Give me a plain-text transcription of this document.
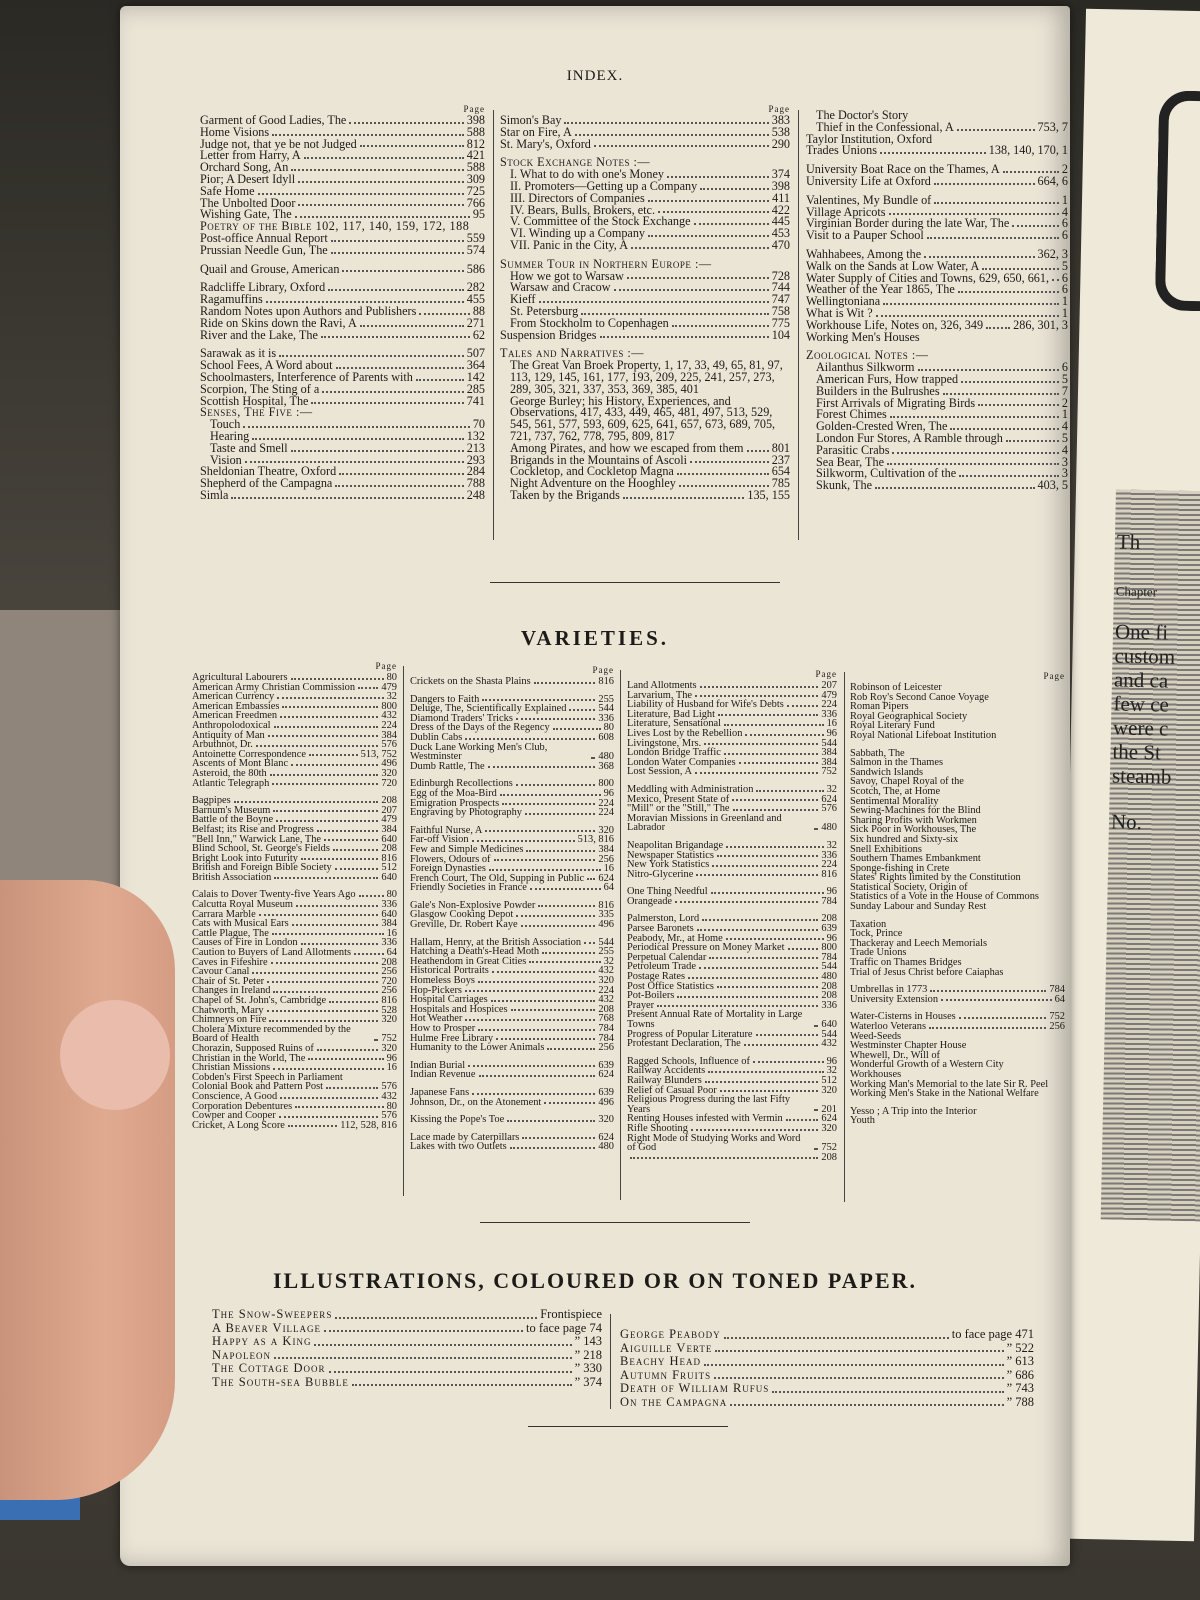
Th
Chapter
One fi
custom
and ca
few ce
were c
the St
steamb
No.
INDEX.
Page
Garment of Good Ladies, The	398
Home Visions	588
Judge not, that ye be not Judged	812
Letter from Harry, A	421
Orchard Song, An	588
Pior; A Desert Idyll	309
Safe Home	725
The Unbolted Door	766
Wishing Gate, The	95
Poetry of the Bible 102, 117, 140, 159, 172, 188
Post-office Annual Report	559
Prussian Needle Gun, The	574
Quail and Grouse, American	586
Radcliffe Library, Oxford	282
Ragamuffins	455
Random Notes upon Authors and Publishers	88
Ride on Skins down the Ravi, A	271
River and the Lake, The	62
Sarawak as it is	507
School Fees, A Word about	364
Schoolmasters, Interference of Parents with	142
Scorpion, The Sting of a	285
Scottish Hospital, The	741
Senses, The Five :—
Touch	70
Hearing	132
Taste and Smell	213
Vision	293
Sheldonian Theatre, Oxford	284
Shepherd of the Campagna	788
Simla	248
Page
Simon's Bay	383
Star on Fire, A	538
St. Mary's, Oxford	290
Stock Exchange Notes :—
I. What to do with one's Money	374
II. Promoters—Getting up a Company	398
III. Directors of Companies	411
IV. Bears, Bulls, Brokers, etc.	422
V. Committee of the Stock Exchange	445
VI. Winding up a Company	453
VII. Panic in the City, A	470
Summer Tour in Northern Europe :—
How we got to Warsaw	728
Warsaw and Cracow	744
Kieff	747
St. Petersburg	758
From Stockholm to Copenhagen	775
Suspension Bridges	104
Tales and Narratives :—
The Great Van Broek Property, 1, 17, 33, 49, 65, 81, 97, 113, 129, 145, 161, 177, 193, 209, 225, 241, 257, 273, 289, 305, 321, 337, 353, 369, 385, 401
George Burley; his History, Experiences, and Observations, 417, 433, 449, 465, 481, 497, 513, 529, 545, 561, 577, 593, 609, 625, 641, 657, 673, 689, 705, 721, 737, 762, 778, 795, 809, 817
Among Pirates, and how we escaped from them 801
Brigands in the Mountains of Ascoli	237
Cockletop, and Cockletop Magna	654
Night Adventure on the Hooghley	785
Taken by the Brigands	135, 155
The Doctor's Story
Thief in the Confessional, A	753, 7
Taylor Institution, Oxford
Trades Unions	138, 140, 170, 1
University Boat Race on the Thames, A	2
University Life at Oxford	664, 6
Valentines, My Bundle of	1
Village Apricots	4
Virginian Border during the late War, The	6
Visit to a Pauper School	6
Wahhabees, Among the	362, 3
Walk on the Sands at Low Water, A	5
Water Supply of Cities and Towns, 629, 650, 661, 6
Weather of the Year 1865, The	6
Wellingtoniana	1
What is Wit ?	1
Workhouse Life, Notes on, 326, 349 286, 301, 3
Working Men's Houses
Zoological Notes :—
Ailanthus Silkworm	6
American Furs, How trapped	5
Builders in the Bulrushes	7
First Arrivals of Migrating Birds	2
Forest Chimes	1
Golden-Crested Wren, The	4
London Fur Stores, A Ramble through	5
Parasitic Crabs	4
Sea Bear, The	3
Silkworm, Cultivation of the	3
Skunk, The	403, 5
VARIETIES.
Page
Agricultural Labourers	80
American Army Christian Commission	479
American Currency	32
American Embassies	800
American Freedmen	432
Anthropolodoxical	224
Antiquity of Man	384
Arbuthnot, Dr.	576
Antoinette Correspondence	513, 752
Ascents of Mont Blanc	496
Asteroid, the 80th	320
Atlantic Telegraph	720
Bagpipes	208
Barnum's Museum	207
Battle of the Boyne	479
Belfast; its Rise and Progress	384
"Bell Inn," Warwick Lane, The	640
Blind School, St. George's Fields	208
Bright Look into Futurity	816
British and Foreign Bible Society	512
British Association	640
Calais to Dover Twenty-five Years Ago	80
Calcutta Royal Museum	336
Carrara Marble	640
Cats with Musical Ears	384
Cattle Plague, The	16
Causes of Fire in London	336
Caution to Buyers of Land Allotments	64
Caves in Fifeshire	208
Cavour Canal	256
Chair of St. Peter	720
Changes in Ireland	256
Chapel of St. John's, Cambridge	816
Chatworth, Mary	528
Chimneys on Fire	320
Cholera Mixture recommended by the Board of Health	752
Chorazin, Supposed Ruins of	320
Christian in the World, The	96
Christian Missions	16
Cobden's First Speech in Parliament
Colonial Book and Pattern Post	576
Conscience, A Good	432
Corporation Debentures	80
Cowper and Cooper	576
Cricket, A Long Score	112, 528, 816
Page
Crickets on the Shasta Plains	816
Dangers to Faith	255
Deluge, The, Scientifically Explained	544
Diamond Traders' Tricks	336
Dress of the Days of the Regency	80
Dublin Cabs	608
Duck Lane Working Men's Club, Westminster	480
Dumb Rattle, The	368
Edinburgh Recollections	800
Egg of the Moa-Bird	96
Emigration Prospects	224
Engraving by Photography	224
Faithful Nurse, A	320
Far-off Vision	513, 816
Few and Simple Medicines	384
Flowers, Odours of	256
Foreign Dynasties	16
French Court, The Old, Supping in Public 624
Friendly Societies in France	64
Gale's Non-Explosive Powder	816
Glasgow Cooking Depot	335
Greville, Dr. Robert Kaye	496
Hallam, Henry, at the British Association 544
Hatching a Death's-Head Moth	255
Heathendom in Great Cities	32
Historical Portraits	432
Homeless Boys	320
Hop-Pickers	224
Hospital Carriages	432
Hospitals and Hospices	208
Hot Weather	768
How to Prosper	784
Hulme Free Library	784
Humanity to the Lower Animals	256
Indian Burial	639
Indian Revenue	624
Japanese Fans	639
Johnson, Dr., on the Atonement	496
Kissing the Pope's Toe	320
Lace made by Caterpillars	624
Lakes with two Outlets	480
Page
Land Allotments	207
Larvarium, The	479
Liability of Husband for Wife's Debts	224
Literature, Bad Light	336
Literature, Sensational	16
Lives Lost by the Rebellion	96
Livingstone, Mrs.	544
London Bridge Traffic	384
London Water Companies	384
Lost Session, A	752
Meddling with Administration	32
Mexico, Present State of	624
"Mill" or the "Still," The	576
Moravian Missions in Greenland and Labrador	480
Neapolitan Brigandage	32
Newspaper Statistics	336
New York Statistics	224
Nitro-Glycerine	816
One Thing Needful	96
Orangeade	784
Palmerston, Lord	208
Parsee Baronets	639
Peabody, Mr., at Home	96
Periodical Pressure on Money Market	800
Perpetual Calendar	784
Petroleum Trade	544
Postage Rates	480
Post Office Statistics	208
Pot-Boilers	208
Prayer	336
Present Annual Rate of Mortality in Large Towns	640
Progress of Popular Literature	544
Protestant Declaration, The	432
Ragged Schools, Influence of	96
Railway Accidents	32
Railway Blunders	512
Relief of Casual Poor	320
Religious Progress during the last Fifty Years	201
Renting Houses infested with Vermin	624
Rifle Shooting	320
Right Mode of Studying Works and Word of God	752
208
Page
Robinson of Leicester
Rob Roy's Second Canoe Voyage
Roman Pipers
Royal Geographical Society
Royal Literary Fund
Royal National Lifeboat Institution
Sabbath, The
Salmon in the Thames
Sandwich Islands
Savoy, Chapel Royal of the
Scotch, The, at Home
Sentimental Morality
Sewing-Machines for the Blind
Sharing Profits with Workmen
Sick Poor in Workhouses, The
Six hundred and Sixty-six
Snell Exhibitions
Southern Thames Embankment
Sponge-fishing in Crete
States' Rights limited by the Constitution
Statistical Society, Origin of
Statistics of a Vote in the House of Commons
Sunday Labour and Sunday Rest
Taxation
Tock, Prince
Thackeray and Leech Memorials
Trade Unions
Traffic on Thames Bridges
Trial of Jesus Christ before Caiaphas
Umbrellas in 1773	784
University Extension	64
Water-Cisterns in Houses	752
Waterloo Veterans	256
Weed-Seeds
Westminster Chapter House
Whewell, Dr., Will of
Wonderful Growth of a Western City
Workhouses
Working Man's Memorial to the late Sir R. Peel
Working Men's Stake in the National Welfare
Yesso ; A Trip into the Interior
Youth
ILLUSTRATIONS, COLOURED OR ON TONED PAPER.
The Snow-Sweepers	Frontispiece
A Beaver Village	to face page 74
Happy as a King	” 143
Napoleon	” 218
The Cottage Door	” 330
The South-sea Bubble	” 374
George Peabody	to face page 471
Aiguille Verte	” 522
Beachy Head	” 613
Autumn Fruits	” 686
Death of William Rufus	” 743
On the Campagna	” 788
